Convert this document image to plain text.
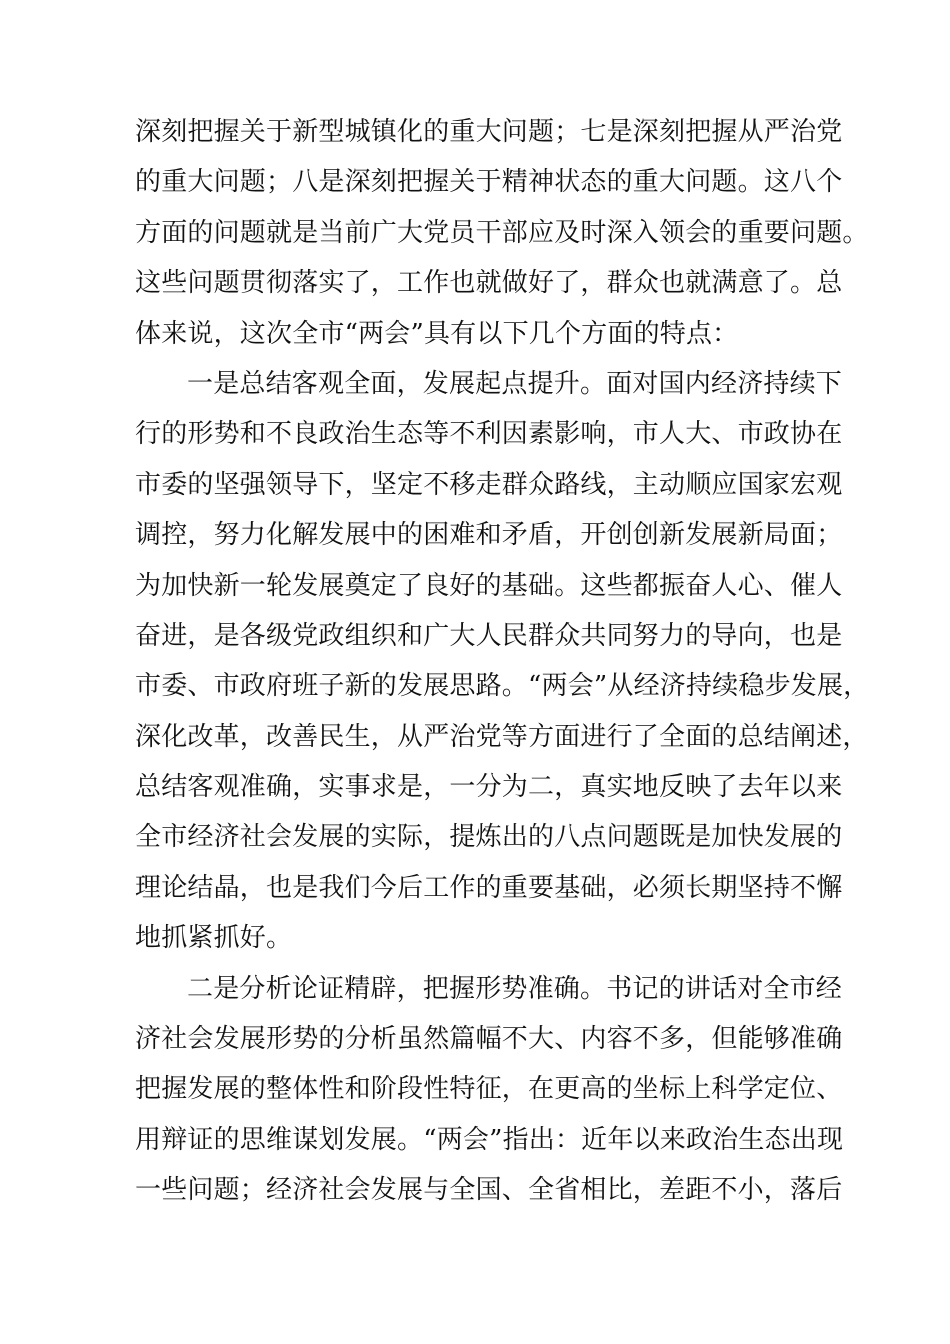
深刻把握关于新型城镇化的重大问题；七是深刻把握从严治党
的重大问题；八是深刻把握关于精神状态的重大问题。这八个
方面的问题就是当前广大党员干部应及时深入领会的重要问题。
这些问题贯彻落实了，工作也就做好了，群众也就满意了。总
体来说，这次全市“两会”具有以下几个方面的特点：
一是总结客观全面，发展起点提升。面对国内经济持续下
行的形势和不良政治生态等不利因素影响，市人大、市政协在
市委的坚强领导下，坚定不移走群众路线，主动顺应国家宏观
调控，努力化解发展中的困难和矛盾，开创创新发展新局面；
为加快新一轮发展奠定了良好的基础。这些都振奋人心、催人
奋进，是各级党政组织和广大人民群众共同努力的导向，也是
市委、市政府班子新的发展思路。“两会”从经济持续稳步发展，
深化改革，改善民生，从严治党等方面进行了全面的总结阐述，
总结客观准确，实事求是，一分为二，真实地反映了去年以来
全市经济社会发展的实际，提炼出的八点问题既是加快发展的
理论结晶，也是我们今后工作的重要基础，必须长期坚持不懈
地抓紧抓好。
二是分析论证精辟，把握形势准确。书记的讲话对全市经
济社会发展形势的分析虽然篇幅不大、内容不多，但能够准确
把握发展的整体性和阶段性特征，在更高的坐标上科学定位、
用辩证的思维谋划发展。“两会”指出：近年以来政治生态出现
一些问题；经济社会发展与全国、全省相比，差距不小，落后
